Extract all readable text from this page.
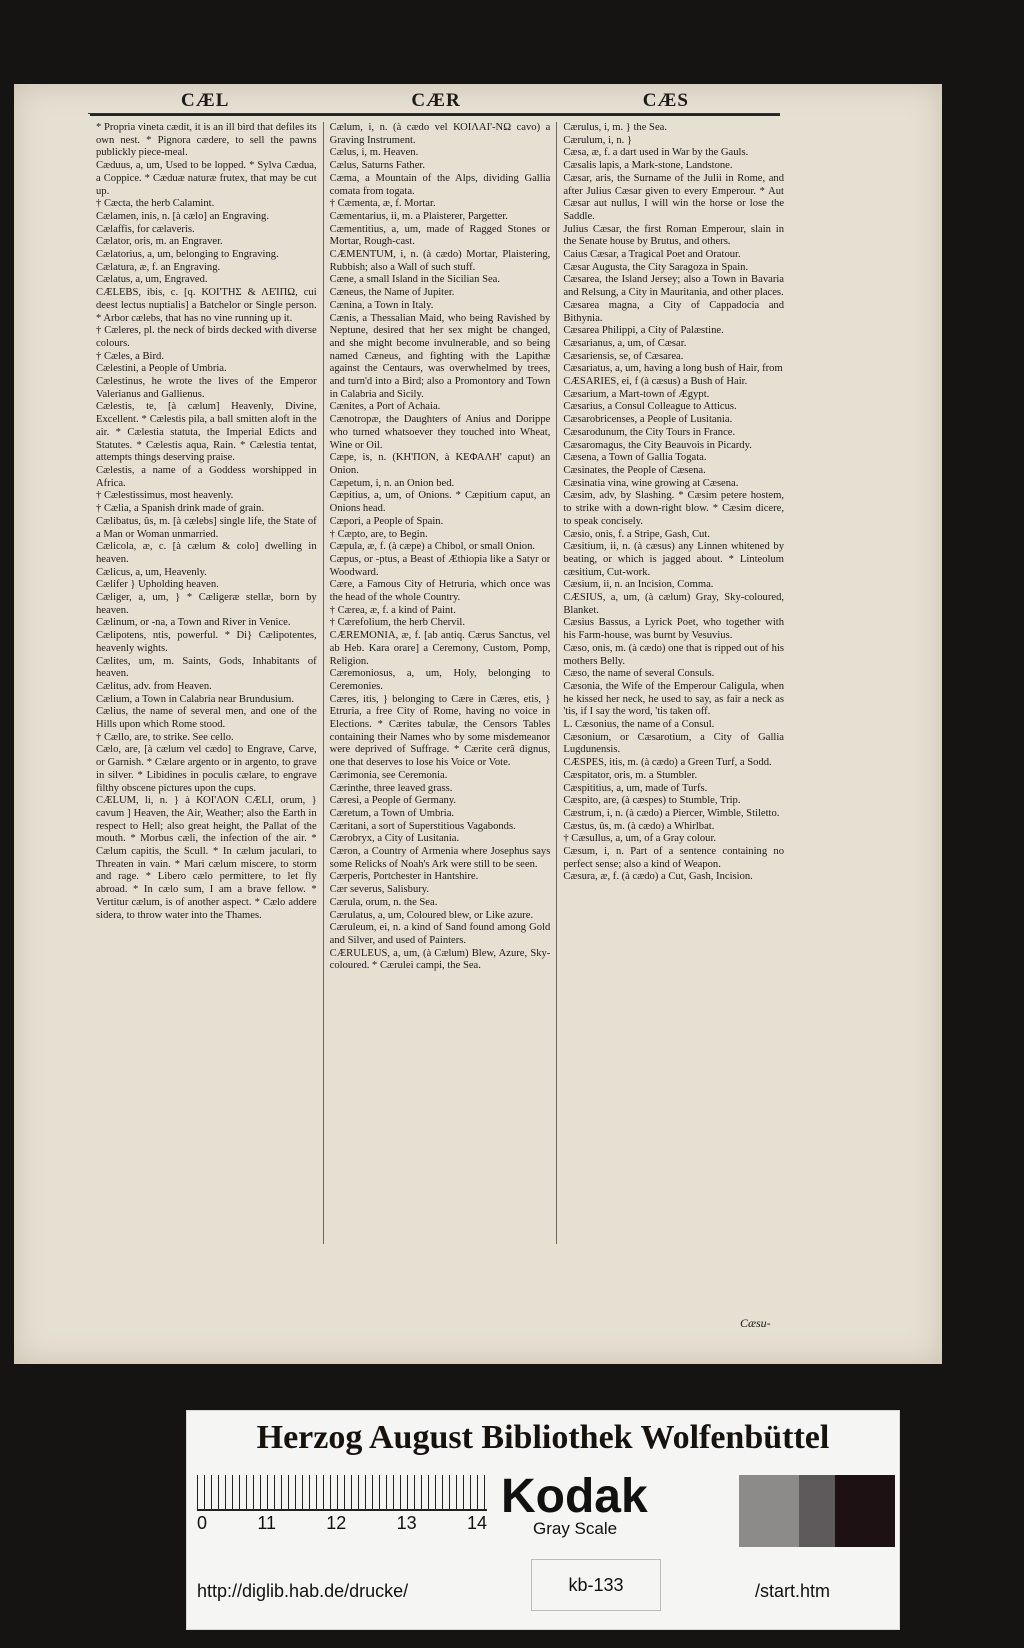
CÆL	CÆR	CÆS

* Propria vineta cædit, it is an ill bird that defiles its own nest. * Pignora cædere, to sell the pawns publickly piece-meal.

Cæduus, a, um, Used to be lopped. * Sylva Cædua, a Coppice. * Cæduæ naturæ frutex, that may be cut up.

† Cæcta, the herb Calamint.

Cælamen, inis, n. [à cælo] an Engraving.

Cælaffis, for cælaveris.

Cælator, oris, m. an Engraver.

Cælatorius, a, um, belonging to Engraving.

Cælatura, æ, f. an Engraving.

Cælatus, a, um, Engraved.

CÆLEBS, ibis, c. [q. ΚΟΙ'ΤΗΣ & ΛΕΊΠΩ, cui deest lectus nuptialis] a Batchelor or Single person. * Arbor cælebs, that has no vine running up it.

† Cæleres, pl. the neck of birds decked with diverse colours.

† Cæles, a Bird.

Cælestini, a People of Umbria.

Cælestinus, he wrote the lives of the Emperor Valerianus and Gallienus.

Cælestis, te, [à cælum] Heavenly, Divine, Excellent. * Cælestis pila, a ball smitten aloft in the air. * Cælestia statuta, the Imperial Edicts and Statutes. * Cælestis aqua, Rain. * Cælestia tentat, attempts things deserving praise.

Cælestis, a name of a Goddess worshipped in Africa.

† Cælestissimus, most heavenly.

† Cælia, a Spanish drink made of grain.

Cælibatus, ûs, m. [à cælebs] single life, the State of a Man or Woman unmarried.

Cælicola, æ, c. [à cælum & colo] dwelling in heaven.

Cælicus, a, um, Heavenly.

Cælifer } Upholding heaven.

Cæliger, a, um, } * Cæligeræ stellæ, born by heaven.

Cælinum, or -na, a Town and River in Venice.

Cælipotens, ntis, powerful. * Di} Cælipotentes, heavenly wights.

Cælites, um, m. Saints, Gods, Inhabitants of heaven.

Cælitus, adv. from Heaven.

Cælium, a Town in Calabria near Brundusium.

Cælius, the name of several men, and one of the Hills upon which Rome stood.

† Cællo, are, to strike. See cello.

Cælo, are, [à cælum vel cædo] to Engrave, Carve, or Garnish. * Cælare argento or in argento, to grave in silver. * Libidines in poculis cælare, to engrave filthy obscene pictures upon the cups.

CÆLUM, li, n. } à ΚΟΙ'ΛΟΝ CÆLI, orum, } cavum ] Heaven, the Air, Weather; also the Earth in respect to Hell; also great height, the Pallat of the mouth. * Morbus cæli, the infection of the air. * Cælum capitis, the Scull. * In cælum jaculari, to Threaten in vain. * Mari cælum miscere, to storm and rage. * Libero cælo permittere, to let fly abroad. * In cælo sum, I am a brave fellow. * Vertitur cælum, is of another aspect. * Cælo addere sidera, to throw water into the Thames.

Cælum, i, n. (à cædo vel ΚΟΙΛΑΙ'-ΝΩ cavo) a Graving Instrument.

Cælus, i, m. Heaven.

Cælus, Saturns Father.

Cæma, a Mountain of the Alps, dividing Gallia comata from togata.

† Cæmenta, æ, f. Mortar.

Cæmentarius, ii, m. a Plaisterer, Pargetter.

Cæmentitius, a, um, made of Ragged Stones or Mortar, Rough-cast.

CÆMENTUM, i, n. (à cædo) Mortar, Plaistering, Rubbish; also a Wall of such stuff.

Cæne, a small Island in the Sicilian Sea.

Cæneus, the Name of Jupiter.

Cænina, a Town in Italy.

Cænis, a Thessalian Maid, who being Ravished by Neptune, desired that her sex might be changed, and she might become invulnerable, and so being named Cæneus, and fighting with the Lapithæ against the Centaurs, was overwhelmed by trees, and turn'd into a Bird; also a Promontory and Town in Calabria and Sicily.

Cænites, a Port of Achaia.

Cænotropæ, the Daughters of Anius and Dorippe who turned whatsoever they touched into Wheat, Wine or Oil.

Cæpe, is, n. (ΚΗ'ΠΟΝ, à ΚΕΦΑΛΗ' caput) an Onion.

Cæpetum, i, n. an Onion bed.

Cæpitius, a, um, of Onions. * Cæpitium caput, an Onions head.

Cæpori, a People of Spain.

† Cæpto, are, to Begin.

Cæpula, æ, f. (à cæpe) a Chibol, or small Onion.

Cæpus, or -ptus, a Beast of Æthiopia like a Satyr or Woodward.

Cære, a Famous City of Hetruria, which once was the head of the whole Country.

† Cærea, æ, f. a kind of Paint.

† Cærefolium, the herb Chervil.

CÆREMONIA, æ, f. [ab antiq. Cærus Sanctus, vel ab Heb. Kara orare] a Ceremony, Custom, Pomp, Religion.

Cæremoniosus, a, um, Holy, belonging to Ceremonies.

Cæres, itis, } belonging to Cære in Cæres, etis, } Etruria, a free City of Rome, having no voice in Elections. * Cærites tabulæ, the Censors Tables containing their Names who by some misdemeanor were deprived of Suffrage. * Cærite cerâ dignus, one that deserves to lose his Voice or Vote.

Cærimonia, see Ceremonia.

Cærinthe, three leaved grass.

Cæresi, a People of Germany.

Cæretum, a Town of Umbria.

Cæritani, a sort of Superstitious Vagabonds.

Cærobryx, a City of Lusitania.

Cæron, a Country of Armenia where Josephus says some Relicks of Noah's Ark were still to be seen.

Cærperis, Portchester in Hantshire.

Cær severus, Salisbury.

Cærula, orum, n. the Sea.

Cærulatus, a, um, Coloured blew, or Like azure.

Cæruleum, ei, n. a kind of Sand found among Gold and Silver, and used of Painters.

CÆRULEUS, a, um, (à Cælum) Blew, Azure, Sky-coloured. * Cærulei campi, the Sea.

Cærulus, i, m. } the Sea.

Cærulum, i, n. }

Cæsa, æ, f. a dart used in War by the Gauls.

Cæsalis lapis, a Mark-stone, Landstone.

Cæsar, aris, the Surname of the Julii in Rome, and after Julius Cæsar given to every Emperour. * Aut Cæsar aut nullus, I will win the horse or lose the Saddle.

Julius Cæsar, the first Roman Emperour, slain in the Senate house by Brutus, and others.

Caius Cæsar, a Tragical Poet and Oratour.

Cæsar Augusta, the City Saragoza in Spain.

Cæsarea, the Island Jersey; also a Town in Bavaria and Relsung, a City in Mauritania, and other places.

Cæsarea magna, a City of Cappadocia and Bithynia.

Cæsarea Philippi, a City of Palæstine.

Cæsarianus, a, um, of Cæsar.

Cæsariensis, se, of Cæsarea.

Cæsariatus, a, um, having a long bush of Hair, from

CÆSARIES, ei, f (à cæsus) a Bush of Hair.

Cæsarium, a Mart-town of Ægypt.

Cæsarius, a Consul Colleague to Atticus.

Cæsarobricenses, a People of Lusitania.

Cæsarodunum, the City Tours in France.

Cæsaromagus, the City Beauvois in Picardy.

Cæsena, a Town of Gallia Togata.

Cæsinates, the People of Cæsena.

Cæsinatia vina, wine growing at Cæsena.

Cæsim, adv, by Slashing. * Cæsim petere hostem, to strike with a down-right blow. * Cæsim dicere, to speak concisely.

Cæsio, onis, f. a Stripe, Gash, Cut.

Cæsitium, ii, n. (à cæsus) any Linnen whitened by beating, or which is jagged about. * Linteolum cæsitium, Cut-work.

Cæsium, ii, n. an Incision, Comma.

CÆSIUS, a, um, (à cælum) Gray, Sky-coloured, Blanket.

Cæsius Bassus, a Lyrick Poet, who together with his Farm-house, was burnt by Vesuvius.

Cæso, onis, m. (à cædo) one that is ripped out of his mothers Belly.

Cæso, the name of several Consuls.

Cæsonia, the Wife of the Emperour Caligula, when he kissed her neck, he used to say, as fair a neck as 'tis, if I say the word, 'tis taken off.

L. Cæsonius, the name of a Consul.

Cæsonium, or Cæsarotium, a City of Gallia Lugdunensis.

CÆSPES, itis, m. (à cædo) a Green Turf, a Sodd.

Cæspitator, oris, m. a Stumbler.

Cæspititius, a, um, made of Turfs.

Cæspito, are, (à cæspes) to Stumble, Trip.

Cæstrum, i, n. (à cædo) a Piercer, Wimble, Stiletto.

Cæstus, ûs, m. (à cædo) a Whirlbat.

† Cæsullus, a, um, of a Gray colour.

Cæsum, i, n. Part of a sentence containing no perfect sense; also a kind of Weapon.

Cæsura, æ, f. (à cædo) a Cut, Gash, Incision.

Cæsu-
Herzog August Bibliothek Wolfenbüttel
0	11	12	13	14 Kodak
Gray Scale
http://diglib.hab.de/drucke/	kb-133	/start.htm
